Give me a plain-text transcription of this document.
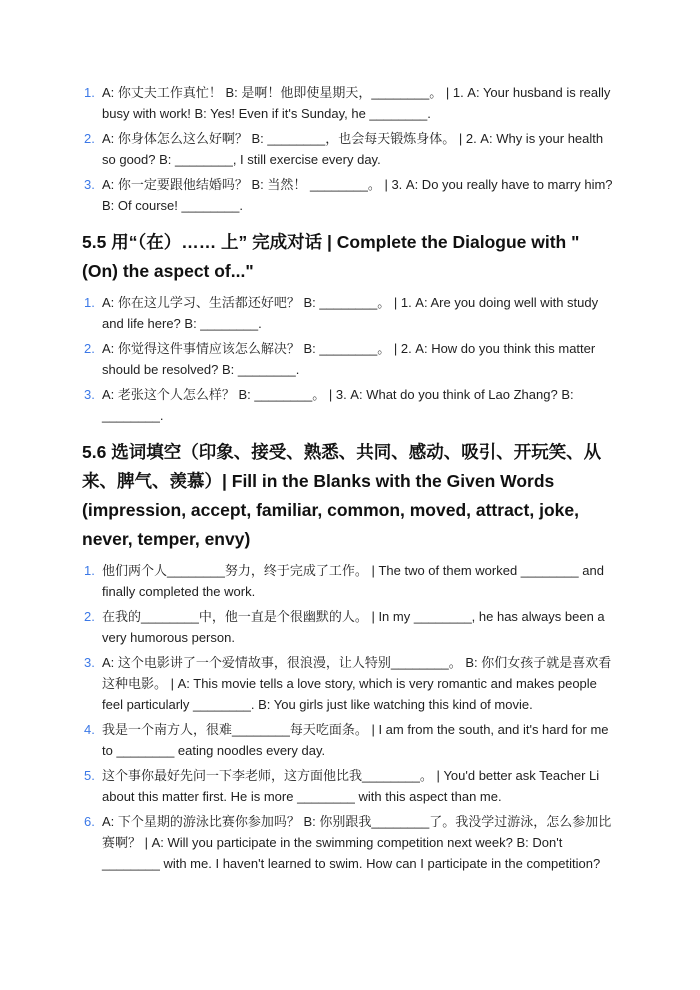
1. A: 你丈夫工作真忙！ B: 是啊！他即使星期天，________。 | 1. A: Your husband is really busy with work! B: Yes! Even if it's Sunday, he ________.
2. A: 你身体怎么这么好啊？ B: ________，也会每天锻炼身体。 | 2. A: Why is your health so good? B: ________, I still exercise every day.
3. A: 你一定要跟他结婚吗？ B: 当然！ ________。 | 3. A: Do you really have to marry him? B: Of course! ________.
5.5 用“（在）…… 上” 完成对话 | Complete the Dialogue with "(On) the aspect of..."
1. A: 你在这儿学习、生活都还好吧？ B: ________。 | 1. A: Are you doing well with study and life here? B: ________.
2. A: 你觉得这件事情应该怎么解决？ B: ________。 | 2. A: How do you think this matter should be resolved? B: ________.
3. A: 老张这个人怎么样？ B: ________。 | 3. A: What do you think of Lao Zhang? B: ________.
5.6 选词填空（印象、接受、熟悉、共同、感动、吸引、开玩笑、从来、脾气、羡慕）| Fill in the Blanks with the Given Words (impression, accept, familiar, common, moved, attract, joke, never, temper, envy)
1. 他们两个人________努力，终于完成了工作。 | The two of them worked ________ and finally completed the work.
2. 在我的________中，他一直是个很幽默的人。 | In my ________, he has always been a very humorous person.
3. A: 这个电影讲了一个爱情故事，很浪漫，让人特别________。 B: 你们女孩子就是喜欢看这种电影。 | A: This movie tells a love story, which is very romantic and makes people feel particularly ________. B: You girls just like watching this kind of movie.
4. 我是一个南方人，很难________每天吃面条。 | I am from the south, and it's hard for me to ________ eating noodles every day.
5. 这个事你最好先问一下李老师，这方面他比我________。 | You'd better ask Teacher Li about this matter first. He is more ________ with this aspect than me.
6. A: 下个星期的游泳比赛你参加吗？ B: 你别跟我________了。我没学过游泳，怎么参加比赛啊？ | A: Will you participate in the swimming competition next week? B: Don't ________ with me. I haven't learned to swim. How can I participate in the competition?
